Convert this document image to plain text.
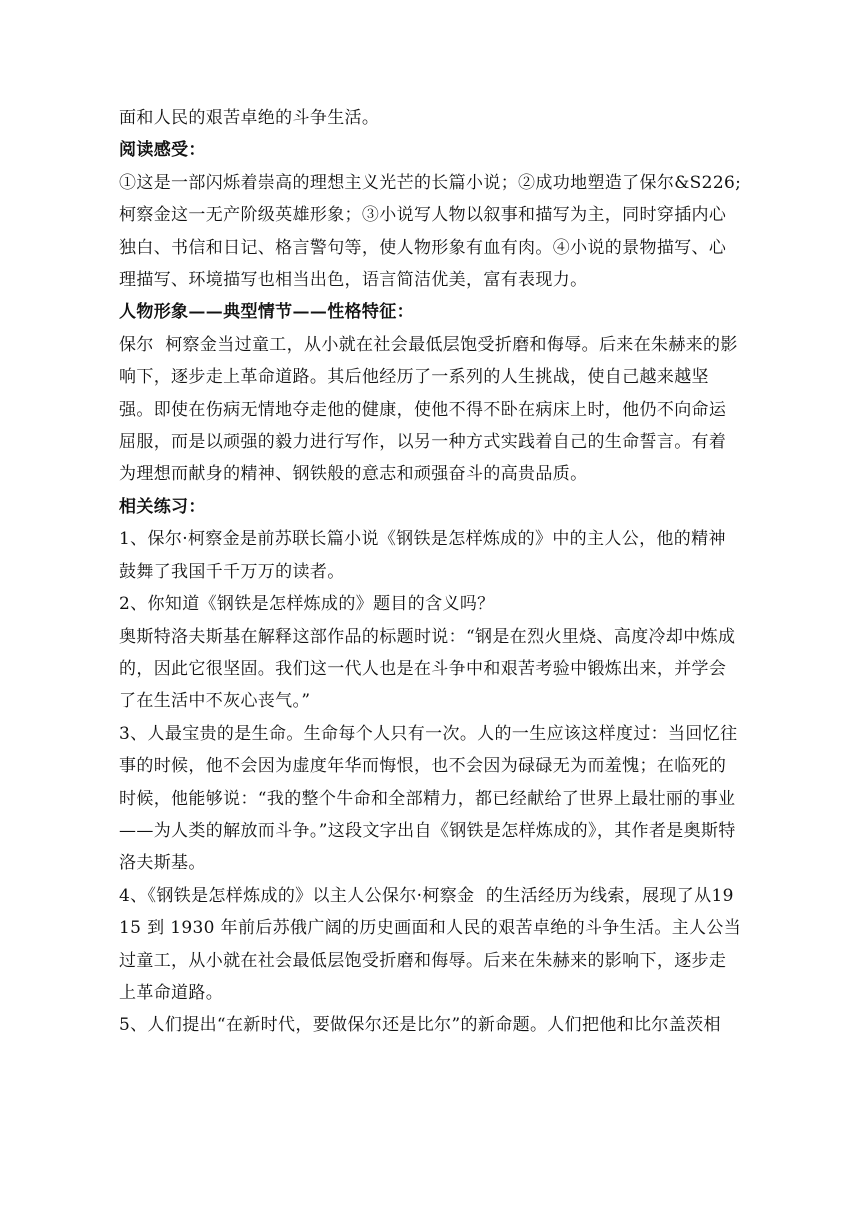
面和人民的艰苦卓绝的斗争生活。

阅读感受：

①这是一部闪烁着崇高的理想主义光芒的长篇小说；②成功地塑造了保尔&S226;柯察金这一无产阶级英雄形象；③小说写人物以叙事和描写为主，同时穿插内心独白、书信和日记、格言警句等，使人物形象有血有肉。④小说的景物描写、心理描写、环境描写也相当出色，语言简洁优美，富有表现力。

人物形象——典型情节——性格特征：

保尔  柯察金当过童工，从小就在社会最低层饱受折磨和侮辱。后来在朱赫来的影响下，逐步走上革命道路。其后他经历了一系列的人生挑战，使自己越来越坚强。即使在伤病无情地夺走他的健康，使他不得不卧在病床上时，他仍不向命运屈服，而是以顽强的毅力进行写作，以另一种方式实践着自己的生命誓言。有着为理想而献身的精神、钢铁般的意志和顽强奋斗的高贵品质。

相关练习：

1、保尔·柯察金是前苏联长篇小说《钢铁是怎样炼成的》中的主人公，他的精神鼓舞了我国千千万万的读者。

2、你知道《钢铁是怎样炼成的》题目的含义吗？

奥斯特洛夫斯基在解释这部作品的标题时说：“钢是在烈火里烧、高度冷却中炼成的，因此它很坚固。我们这一代人也是在斗争中和艰苦考验中锻炼出来，并学会了在生活中不灰心丧气。”

3、人最宝贵的是生命。生命每个人只有一次。人的一生应该这样度过：当回忆往事的时候，他不会因为虚度年华而悔恨，也不会因为碌碌无为而羞愧；在临死的时候，他能够说：“我的整个牛命和全部精力，都已经献给了世界上最壮丽的事业——为人类的解放而斗争。”这段文字出自《钢铁是怎样炼成的》，其作者是奥斯特洛夫斯基。

4、《钢铁是怎样炼成的》以主人公保尔·柯察金  的生活经历为线索，展现了从1915 到 1930 年前后苏俄广阔的历史画面和人民的艰苦卓绝的斗争生活。主人公当过童工，从小就在社会最低层饱受折磨和侮辱。后来在朱赫来的影响下，逐步走上革命道路。

5、人们提出“在新时代，要做保尔还是比尔”的新命题。人们把他和比尔盖茨相
